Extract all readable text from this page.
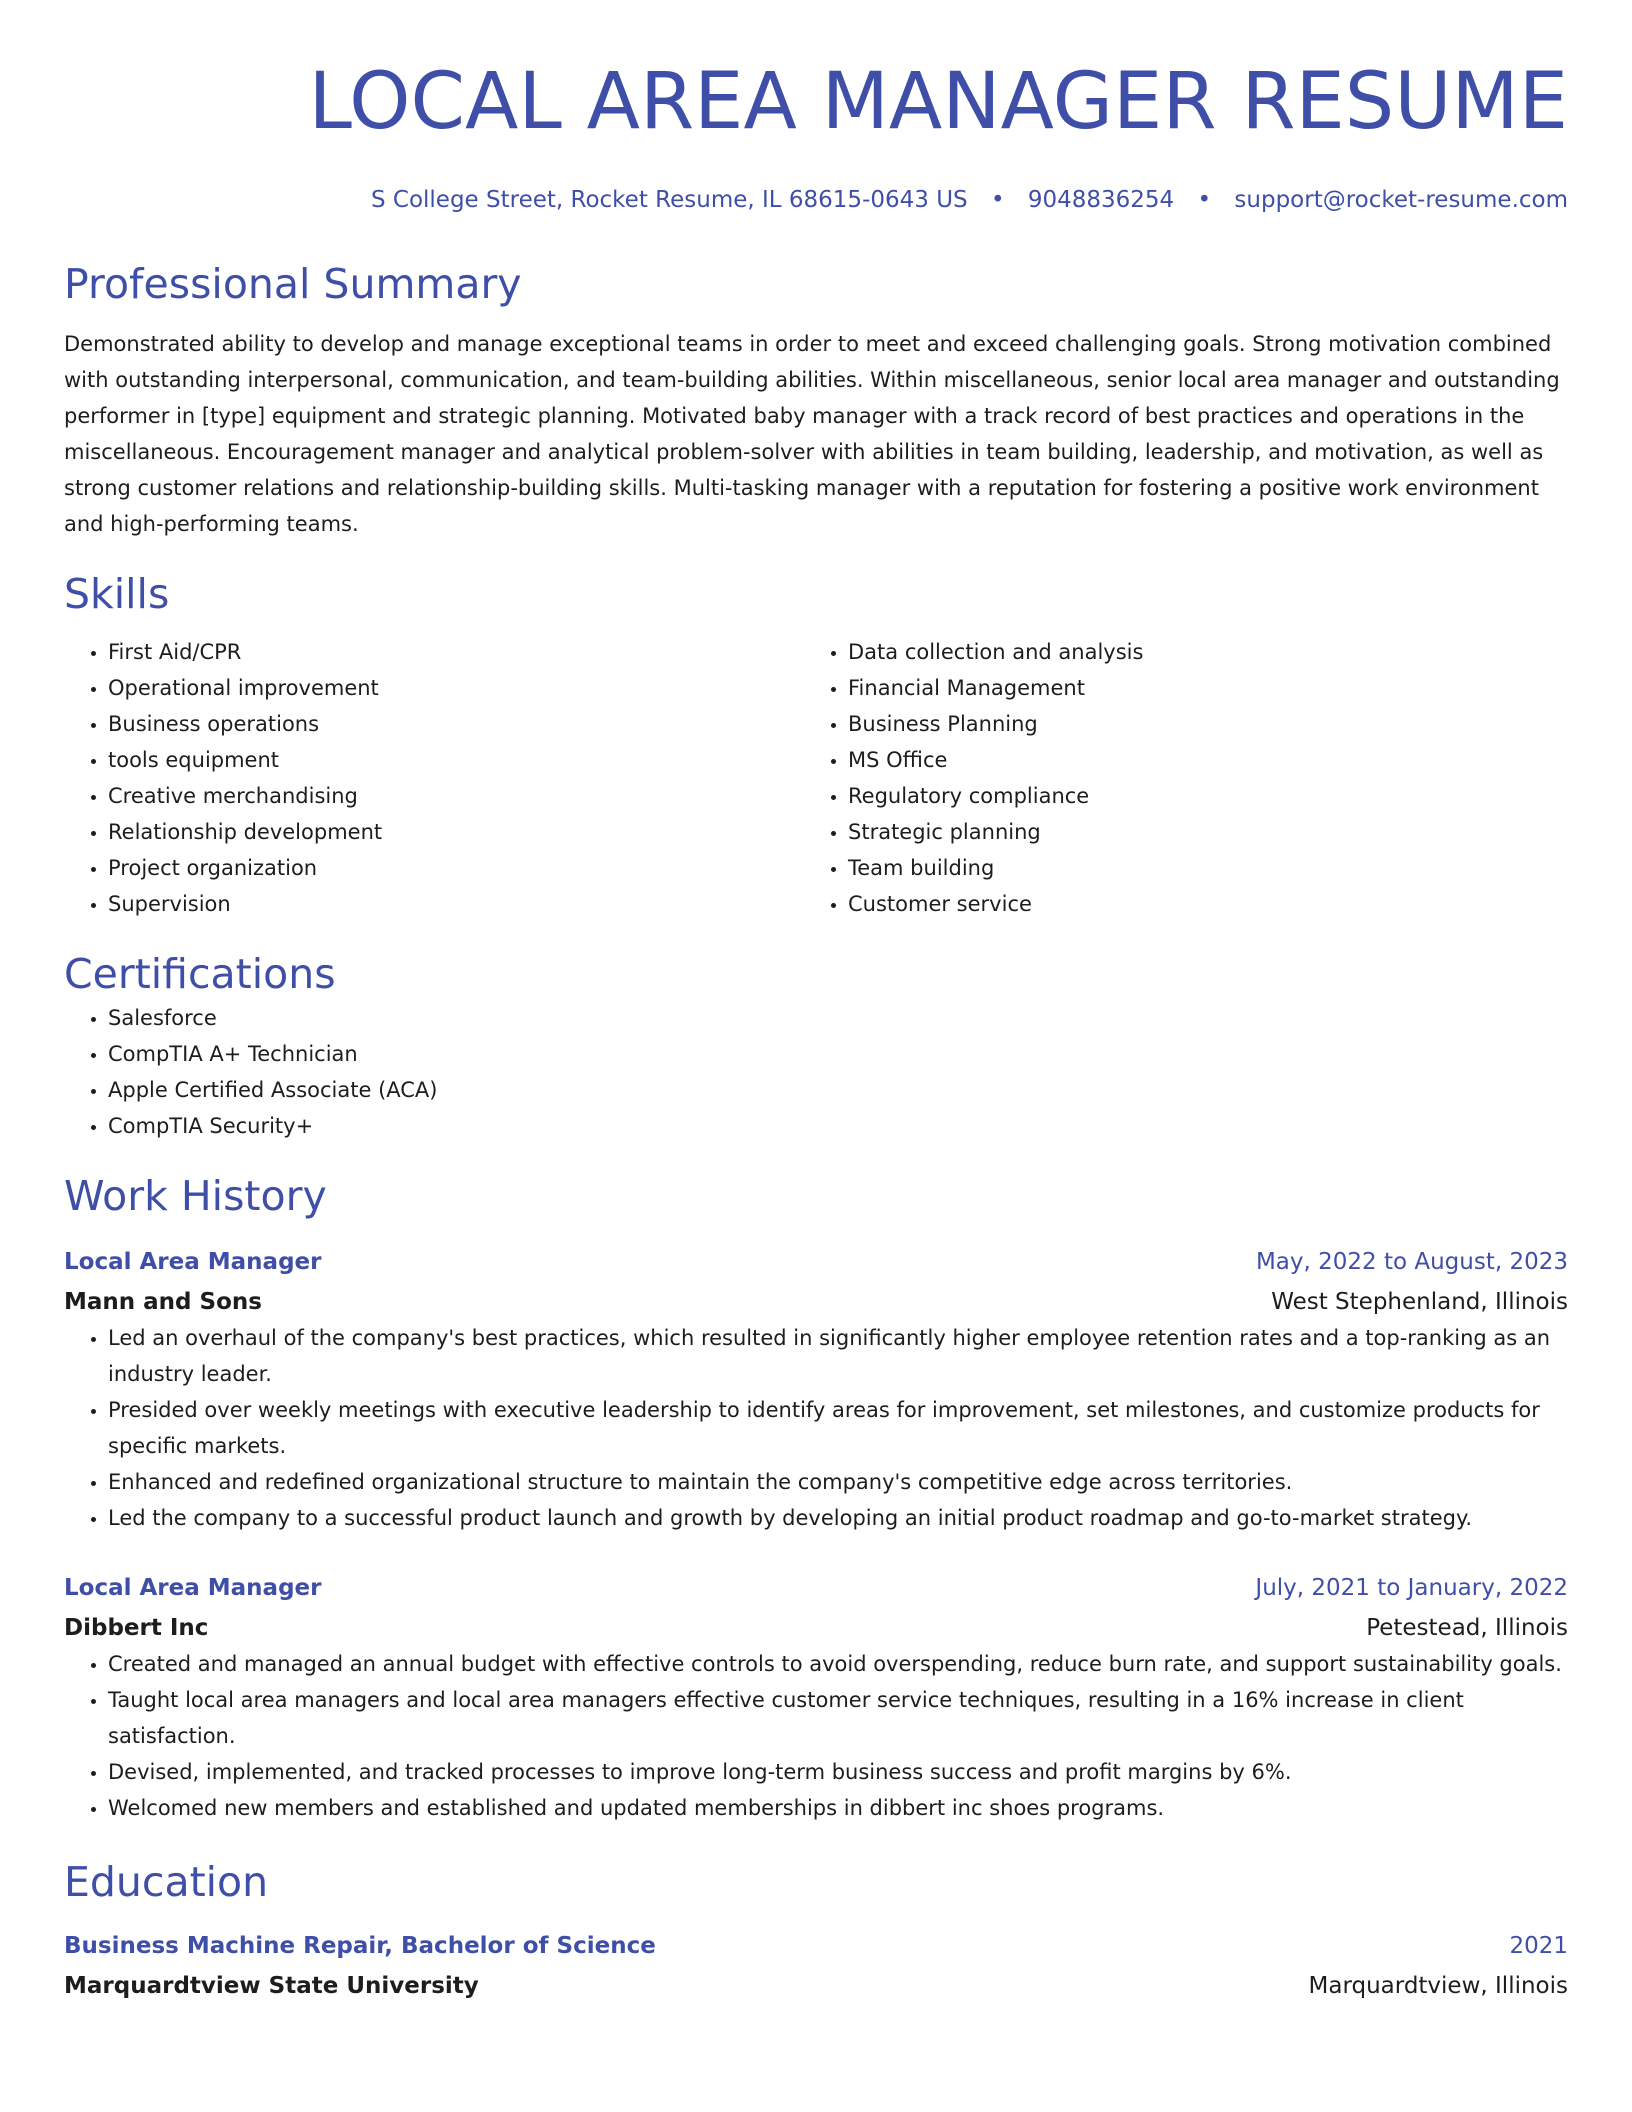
LOCAL AREA MANAGER RESUME
S College Street, Rocket Resume, IL 68615-0643 US • 9048836254 • support@rocket-resume.com
Professional Summary

Demonstrated ability to develop and manage exceptional teams in order to meet and exceed challenging goals. Strong motivation combined with outstanding interpersonal, communication, and team-building abilities. Within miscellaneous, senior local area manager and outstanding performer in [type] equipment and strategic planning. Motivated baby manager with a track record of best practices and operations in the miscellaneous. Encouragement manager and analytical problem-solver with abilities in team building, leadership, and motivation, as well as strong customer relations and relationship-building skills. Multi-tasking manager with a reputation for fostering a positive work environment and high-performing teams.

Skills
• First Aid/CPR
• Operational improvement
• Business operations
• tools equipment
• Creative merchandising
• Relationship development
• Project organization
• Supervision
• Data collection and analysis
• Financial Management
• Business Planning
• MS Office
• Regulatory compliance
• Strategic planning
• Team building
• Customer service
Certifications
• Salesforce
• CompTIA A+ Technician
• Apple Certified Associate (ACA)
• CompTIA Security+
Work History
Local Area Manager	May, 2022 to August, 2023
Mann and Sons	West Stephenland, Illinois
• Led an overhaul of the company's best practices, which resulted in significantly higher employee retention rates and a top-ranking as an industry leader.
• Presided over weekly meetings with executive leadership to identify areas for improvement, set milestones, and customize products for specific markets.
• Enhanced and redefined organizational structure to maintain the company's competitive edge across territories.
• Led the company to a successful product launch and growth by developing an initial product roadmap and go-to-market strategy.
Local Area Manager	July, 2021 to January, 2022
Dibbert Inc	Petestead, Illinois
• Created and managed an annual budget with effective controls to avoid overspending, reduce burn rate, and support sustainability goals.
• Taught local area managers and local area managers effective customer service techniques, resulting in a 16% increase in client satisfaction.
• Devised, implemented, and tracked processes to improve long-term business success and profit margins by 6%.
• Welcomed new members and established and updated memberships in dibbert inc shoes programs.
Education
Business Machine Repair, Bachelor of Science	2021
Marquardtview State University	Marquardtview, Illinois
